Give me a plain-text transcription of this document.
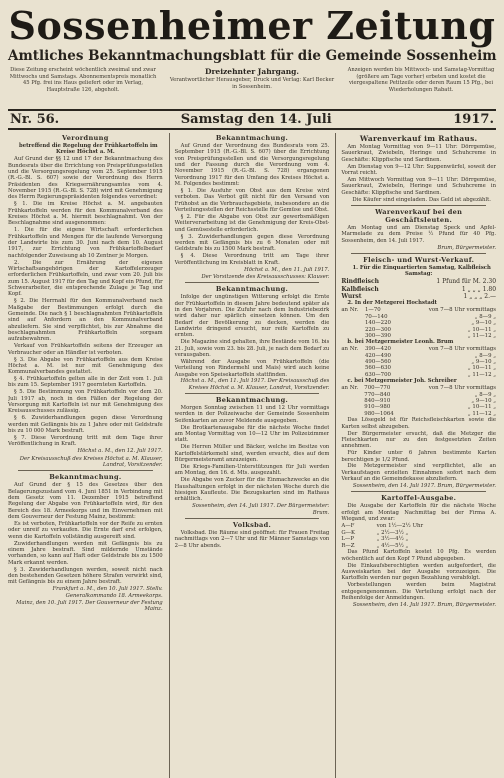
Sossenheimer Zeitung
Amtliches Bekanntmachungsblatt für die Gemeinde Sossenheim
Diese Zeitung erscheint wöchentlich zweimal und zwar Mittwochs und Samstags. Abonnementspreis monatlich 45 Pfg. frei ins Haus geliefert oder im Verlag, Hauptstraße 126, abgeholt.
Dreizehnter Jahrgang.
Verantwortlicher Herausgeber, Druck und Verlag: Karl Becker in Sossenheim.
Anzeigen werden bis Mittwoch- und Samstag-Vormittag (größere am Tage vorher) erbeten und kostet die viergespaltene Petitzeile oder deren Raum 15 Pfg., bei Wiederholungen Rabatt.
Nr. 56.	Samstag den 14. Juli	1917.
Verordnung
betreffend die Regelung der Frühkartoffeln im Kreise Höchst a. M.
Auf Grund der §§ 12 und 17 der Bekanntmachung des Bundesrats über die Errichtung von Preisprüfungsstellen und die Versorgungsregelung vom 25. September 1915 (R.-G.-Bl. S. 607) sowie der Verordnung des Herrn Präsidenten des Kriegsernährungsamtes vom 4. November 1915 (R.-G.-Bl. S. 728) wird mit Genehmigung des Herrn Regierungspräsidenten folgendes verordnet:
§ 1. Die im Kreise Höchst a. M. angebauten Frühkartoffeln werden für den Kommunalverband des Kreises Höchst a. M. hiermit beschlagnahmt. Von der Beschlagnahme sind ausgenommen:
1. Die für die eigene Wirtschaft erforderlichen Frühkartoffeln und Mengen für die laufende Versorgung der Landwirte bis zum 30. Juni nach dem 10. August 1917, zur Errichtung von Frühkartoffelbedarf nachfolgender Zuweisung ab 10 Zentner je Morgen.
2. Die zur Ernährung der eigenen Wirtschaftsangehörigen der Kartoffelerzeuger erforderlichen Frühkartoffeln, und zwar vom 20. Juli bis zum 15. August 1917 für den Tag und Kopf ein Pfund, für Schwerarbeiter, die entsprechende Zulage je Tag und Kopf.
§ 2. Die Herrnahl für den Kommunalverband nach Maßgabe der Bestimmungen erfolgt durch die Gemeinde. Die nach § 1 beschlagnahmten Frühkartoffeln sind auf Anfordern an den Kommunalverband abzuliefern. Sie sind verpflichtet, bis zur Abnahme die beschlagnahmten Frühkartoffeln sorgsam aufzubewahren.
Verkauf von Frühkartoffeln seitens der Erzeuger an Verbraucher oder an Händler ist verboten.
§ 3. Die Abgabe von Frühkartoffeln aus dem Kreise Höchst a. M. ist nur mit Genehmigung des Kommunalverbandes gestattet.
§ 4. Frühkartoffeln gelten alle in der Zeit vom 1. Juli bis zum 15. September 1917 geernteten Kartoffeln.
§ 5. Die Bestimmung von Frühkartoffeln vor dem 20. Juli 1917 ab, noch in den Fällen der Regelung der Versorgung mit Kartoffeln ist nur mit Genehmigung des Kreisausschusses zulässig.
§ 6. Zuwiderhandlungen gegen diese Verordnung werden mit Gefängnis bis zu 1 Jahre oder mit Geldstrafe bis zu 10 000 Mark bestraft.
§ 7. Diese Verordnung tritt mit dem Tage ihrer Veröffentlichung in Kraft.
Höchst a. M., den 12. Juli 1917.
Der Kreisausschuß des Kreises Höchst a. M. Klauser, Landrat, Vorsitzender.
Bekanntmachung.
Auf Grund der § 15 des Gesetzes über den Belagerungszustand vom 4. Juni 1851 in Verbindung mit dem Gesetz vom 11. Dezember 1915 betreffend Regelung der Abgabe von Frühkartoffeln wird, für den Bereich des 18. Armeekorps und im Einvernehmen mit dem Gouverneur der Festung Mainz, bestimmt:
Es ist verboten, Frühkartoffeln vor der Reife zu ernten oder unreif zu verkaufen. Die Ernte darf erst erfolgen, wenn die Kartoffeln vollständig ausgereift sind.
Zuwiderhandlungen werden mit Gefängnis bis zu einem Jahre bestraft. Sind mildernde Umstände vorhanden, so kann auf Haft oder Geldstrafe bis zu 1500 Mark erkannt werden.
§ 3. Zuwiderhandlungen werden, soweit nicht nach den bestehenden Gesetzen höhere Strafen verwirkt sind, mit Gefängnis bis zu einem Jahre bestraft.
Frankfurt a. M., den 10. Juli 1917. Stellv. Generalkommando 18. Armeekorps.
Mainz, den 10. Juli 1917. Der Gouverneur der Festung Mainz.
Bekanntmachung.
Auf Grund der Verordnung des Bundesrats vom 25. September 1915 (R.-G.-Bl. S. 607) über die Errichtung von Preisprüfungsstellen und die Versorgungsregelung und der Fassung durch die Verordnung vom 4. November 1915 (R.-G.-Bl. S. 728) ergangenen Verordnung 1917 für den Umfang des Kreises Höchst a. M. Folgendes bestimmt:
§ 1. Die Ausfuhr von Obst aus dem Kreise wird verboten. Das Verbot gilt nicht für den Versand von Frühobst an die Verbrauchsgebiete, insbesondere an die Verteilungsstellen der Reichsstelle für Gemüse und Obst.
§ 2. Für die Abgabe von Obst zur gewerbsmäßigen Weiterverarbeitung ist die Genehmigung der Kreis-Obst- und Gemüsestelle erforderlich.
§ 3. Zuwiderhandlungen gegen diese Verordnung werden mit Gefängnis bis zu 6 Monaten oder mit Geldstrafe bis zu 1500 Mark bestraft.
§ 4. Diese Verordnung tritt am Tage ihrer Veröffentlichung im Kreisblatt in Kraft.
Höchst a. M., den 11. Juli 1917.
Der Vorsitzende des Kreisausschusses: Klauser.
Bekanntmachung.
Infolge der ungünstigen Witterung erfolgt die Ernte der Frühkartoffeln in diesem Jahre bedeutend später als in den Vorjahren. Die Zufuhr nach dem Industriebezirk wird daher nur spärlich einsetzen können. Um den Bedarf der Bevölkerung zu decken, werden die Landwirte dringend ersucht, nur reife Kartoffeln zu ernten.
Die Magazine sind gehalten, ihre Bestände vom 16. bis 21. Juli, sowie vom 23. bis 28. Juli, je nach dem Bedarf zu verausgaben.
Während der Ausgabe von Frühkartoffeln (die Verteilung von Rindermehl und Mais) wird auch keine Ausgabe von Speisekartoffeln stattfinden.
Höchst a. M., den 11. Juli 1917. Der Kreisausschuß des Kreises Höchst a. M. Klauser, Landrat, Vorsitzender.
Bekanntmachung.
Morgen Sonntag zwischen 11 und 12 Uhr vormittags werden in der Polizeiwache der Gemeinde Sossenheim Seifenkarten an zuvor Meldende ausgegeben.
Die Brotkartenausgabe für die nächste Woche findet am Montag Vormittag von 10—12 Uhr im Polizeizimmer statt.
Die Herren Müller und Bäcker, welche im Besitze von Kartoffelstärkemehl sind, werden ersucht, dies auf dem Bürgermeisteramt anzuzeigen.
Die Kriegs-Familien-Unterstützungen für Juli werden am Montag, den 16. d. Mts. ausgezahlt.
Die Abgabe von Zucker für die Einmachzwecke an die Haushaltungen erfolgt in der nächsten Woche durch die hiesigen Kaufleute. Die Bezugskarten sind im Rathaus erhältlich.
Sossenheim, den 14. Juli 1917. Der Bürgermeister: Brum.
Volksbad.
Volksbad. Die Räume sind geöffnet: für Frauen Freitag nachmittags von 2—7 Uhr und für Männer Samstags von 2—8 Uhr abends.
Warenverkauf im Rathaus.
Am Montag Vormittag von 9—11 Uhr: Dörrgemüse, Sauerkraut, Zwiebeln, Heringe und Schuhcreme in Geschäfte: Klippfische und Sardinen.
Am Dienstag von 9—12 Uhr: Suppenwürfel, soweit der Vorrat reicht.
Am Mittwoch Vormittag von 9—11 Uhr: Dörrgemüse, Sauerkraut, Zwiebeln, Heringe und Schuhcreme in Geschäfte: Klippfische und Sardinen.
Die Käufer sind eingeladen. Das Geld ist abgezählt.
Warenverkauf bei den Geschäftsleuten.
Am Montag und am Dienstag Speck und Apfel-Marmelade zu dem Preise ½ Pfund für 40 Pfg. Sossenheim, den 14. Juli 1917.
Brum, Bürgermeister.
Fleisch- und Wurst-Verkauf.
1. Für die Einquartierten Samstag, Kalbfleisch Samstag:
Rindfleisch	1 Pfund für M. 2.30
Kalbfleisch	1 „ „ „ 1.80
Wurst	1 „ „ „ 2.—
2. In der Metzgerei Hochstadt
an Nr.	1—70	von 7—8 Uhr vormittags
	70—140	„ 8—9 „
	140—220	„ 9—10 „
	220—300	„ 10—11 „
	300—390	„ 11—12 „
b. bei Metzgermeister Leonh. Brum
an Nr.	390—420	von 7—8 Uhr vormittags
	420—490	„ 8—9 „
	490—560	„ 9—10 „
	560—630	„ 10—11 „
	630—700	„ 11—12 „
c. bei Metzgermeister Joh. Schreiber
an Nr.	700—770	von 7—8 Uhr vormittags
	770—840	„ 8—9 „
	840—910	„ 9—10 „
	910—980	„ 10—11 „
	980—1064	„ 11—12 „
Das Lösegeld ist für Reichsfleischkarten sowie die Karten selbst abzugeben.
Der Bürgermeister ersucht, daß die Metzger die Fleischkarten nur zu den festgesetzten Zeiten annehmen.
Für Kinder unter 6 Jahren bestimmte Karten berechtigen je 1/2 Pfund.
Die Metzgermeister sind verpflichtet, alle an Verkaufstagen erzielten Einnahmen sofort nach dem Verkauf an die Gemeindekasse abzuliefern.
Sossenheim, den 14. Juli 1917. Brum, Bürgermeister.
Kartoffel-Ausgabe.
Die Ausgabe der Kartoffeln für die nächste Woche erfolgt am Montag Nachmittag bei der Firma A. Wiegand, und zwar:
A—F	von 1½—2½ Uhr
G—K	„ 2½—3½ „
L—P	„ 3½—4½ „
R—Z	„ 4½—5½ „
Das Pfund Kartoffeln kostet 10 Pfg. Es werden wöchentlich auf den Kopf 7 Pfund abgegeben.
Die Einkaufsberechtigten werden aufgefordert, die Ausweiskarten bei der Ausgabe vorzuzeigen. Die Kartoffeln werden nur gegen Bezahlung verabfolgt.
Vorbestellungen werden beim Magistrat entgegengenommen. Die Verteilung erfolgt nach der Reihenfolge der Anmeldungen.
Sossenheim, den 14. Juli 1917. Brum, Bürgermeister.
